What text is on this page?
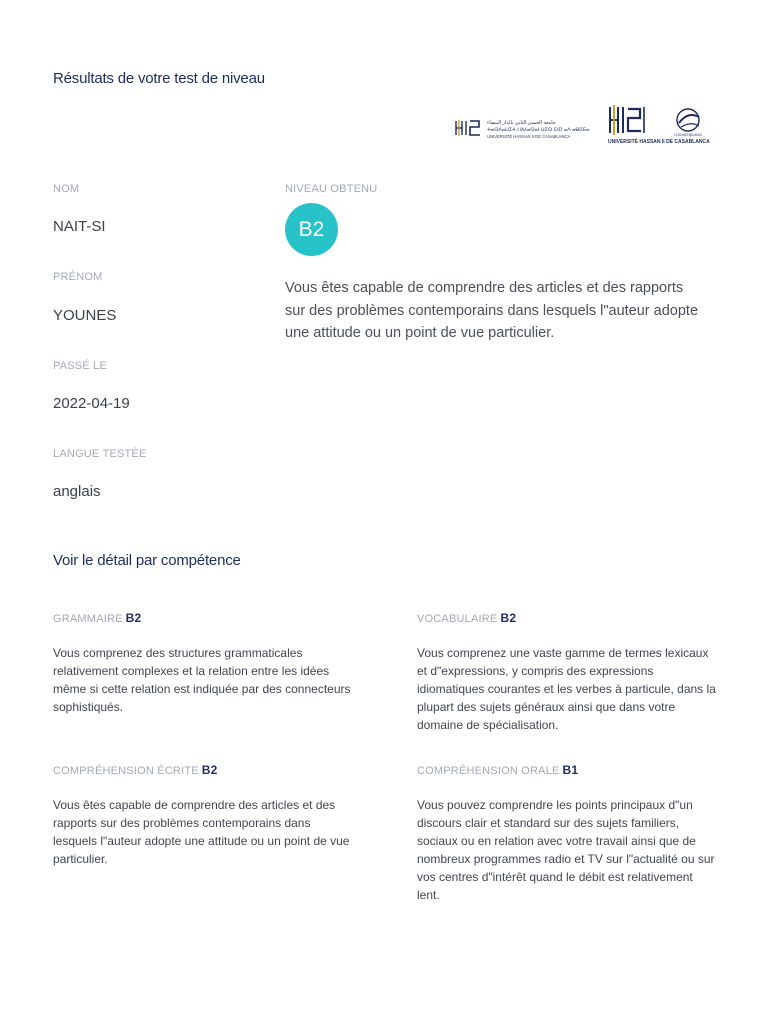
Résultats de votre test de niveau
جامعة الحسن الثاني بالدار البيضاء
ⵜⴰⵙⴷⴰⵡⵉⵜ ⵏ ⵍⵃⴰⵙⴰⵏ ⵡⵉⵙ ⵙⵉⵏ ⴰⴷ ⴰⴱⵉⴹⴰ
UNIVERSITÉ HASSAN II DE CASABLANCA	LOGHAT@UHAC
UNIVERSITÉ HASSAN II DE CASABLANCA
NOM
NAIT-SI
PRÉNOM
YOUNES
PASSÉ LE
2022-04-19
LANGUE TESTÉE
anglais
NIVEAU OBTENU
B2
Vous êtes capable de comprendre des articles et des rapports sur des problèmes contemporains dans lesquels l"auteur adopte une attitude ou un point de vue particulier.
Voir le détail par compétence
GRAMMAIRE B2
Vous comprenez des structures grammaticales relativement complexes et la relation entre les idées même si cette relation est indiquée par des connecteurs sophistiqués.
VOCABULAIRE B2
Vous comprenez une vaste gamme de termes lexicaux et d"expressions, y compris des expressions idiomatiques courantes et les verbes à particule, dans la plupart des sujets généraux ainsi que dans votre domaine de spécialisation.
COMPRÉHENSION ÉCRITE B2
Vous êtes capable de comprendre des articles et des rapports sur des problèmes contemporains dans lesquels l"auteur adopte une attitude ou un point de vue particulier.
COMPRÉHENSION ORALE B1
Vous pouvez comprendre les points principaux d"un discours clair et standard sur des sujets familiers, sociaux ou en relation avec votre travail ainsi que de nombreux programmes radio et TV sur l"actualité ou sur vos centres d"intérêt quand le débit est relativement lent.
